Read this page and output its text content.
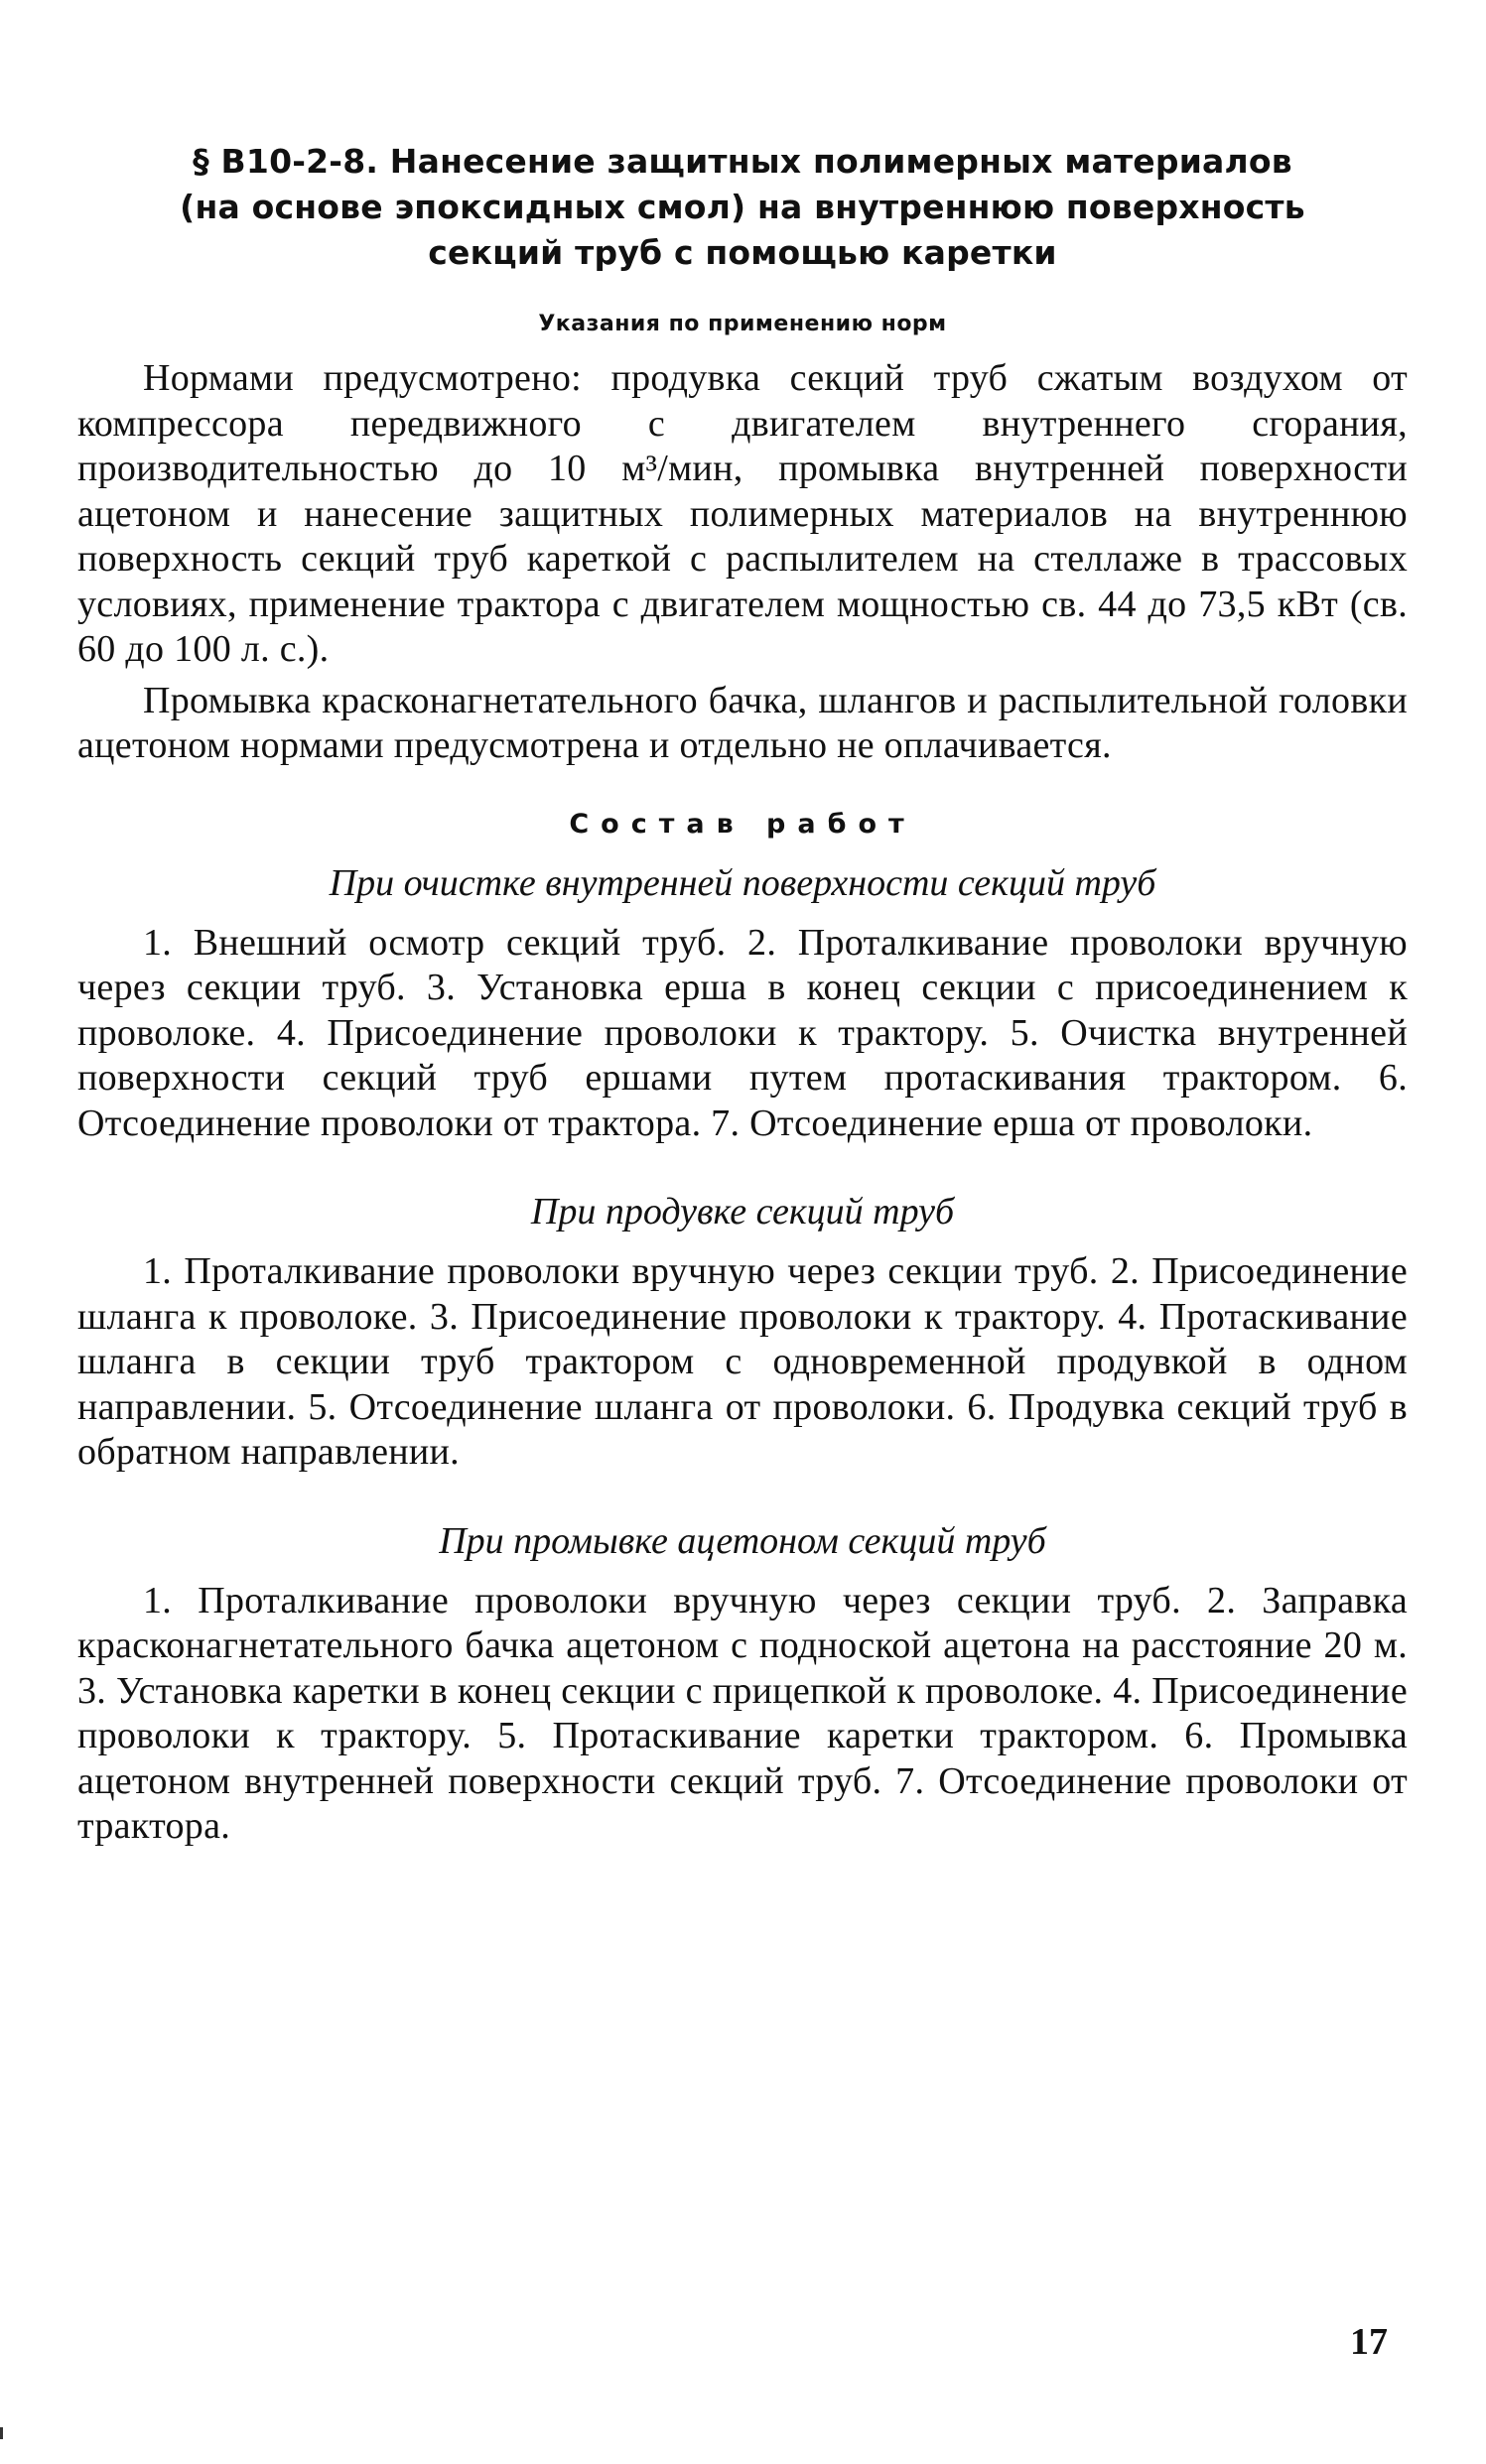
§ В10-2-8. Нанесение защитных полимерных материалов
(на основе эпоксидных смол) на внутреннюю поверхность
секций труб с помощью каретки
Указания по применению норм

Нормами предусмотрено: продувка секций труб сжатым воздухом от компрессора передвижного с двигателем внутреннего сгорания, производительностью до 10 м³/мин, промывка внутренней поверхности ацетоном и нанесение защитных полимерных материалов на внутреннюю поверхность секций труб кареткой с распылителем на стеллаже в трассовых условиях, применение трактора с двигателем мощностью св. 44 до 73,5 кВт (св. 60 до 100 л. с.).

Промывка красконагнетательного бачка, шлангов и распылительной головки ацетоном нормами предусмотрена и отдельно не оплачивается.

Состав работ
При очистке внутренней поверхности секций труб

1. Внешний осмотр секций труб. 2. Проталкивание проволоки вручную через секции труб. 3. Установка ерша в конец секции с присоединением к проволоке. 4. Присоединение проволоки к трактору. 5. Очистка внутренней поверхности секций труб ершами путем протаскивания трактором. 6. Отсоединение проволоки от трактора. 7. Отсоединение ерша от проволоки.

При продувке секций труб

1. Проталкивание проволоки вручную через секции труб. 2. Присоединение шланга к проволоке. 3. Присоединение проволоки к трактору. 4. Протаскивание шланга в секции труб трактором с одновременной продувкой в одном направлении. 5. Отсоединение шланга от проволоки. 6. Продувка секций труб в обратном направлении.

При промывке ацетоном секций труб

1. Проталкивание проволоки вручную через секции труб. 2. Заправка красконагнетательного бачка ацетоном с подноской ацетона на расстояние 20 м. 3. Установка каретки в конец секции с прицепкой к проволоке. 4. Присоединение проволоки к трактору. 5. Протаскивание каретки трактором. 6. Промывка ацетоном внутренней поверхности секций труб. 7. Отсоединение проволоки от трактора.

17
